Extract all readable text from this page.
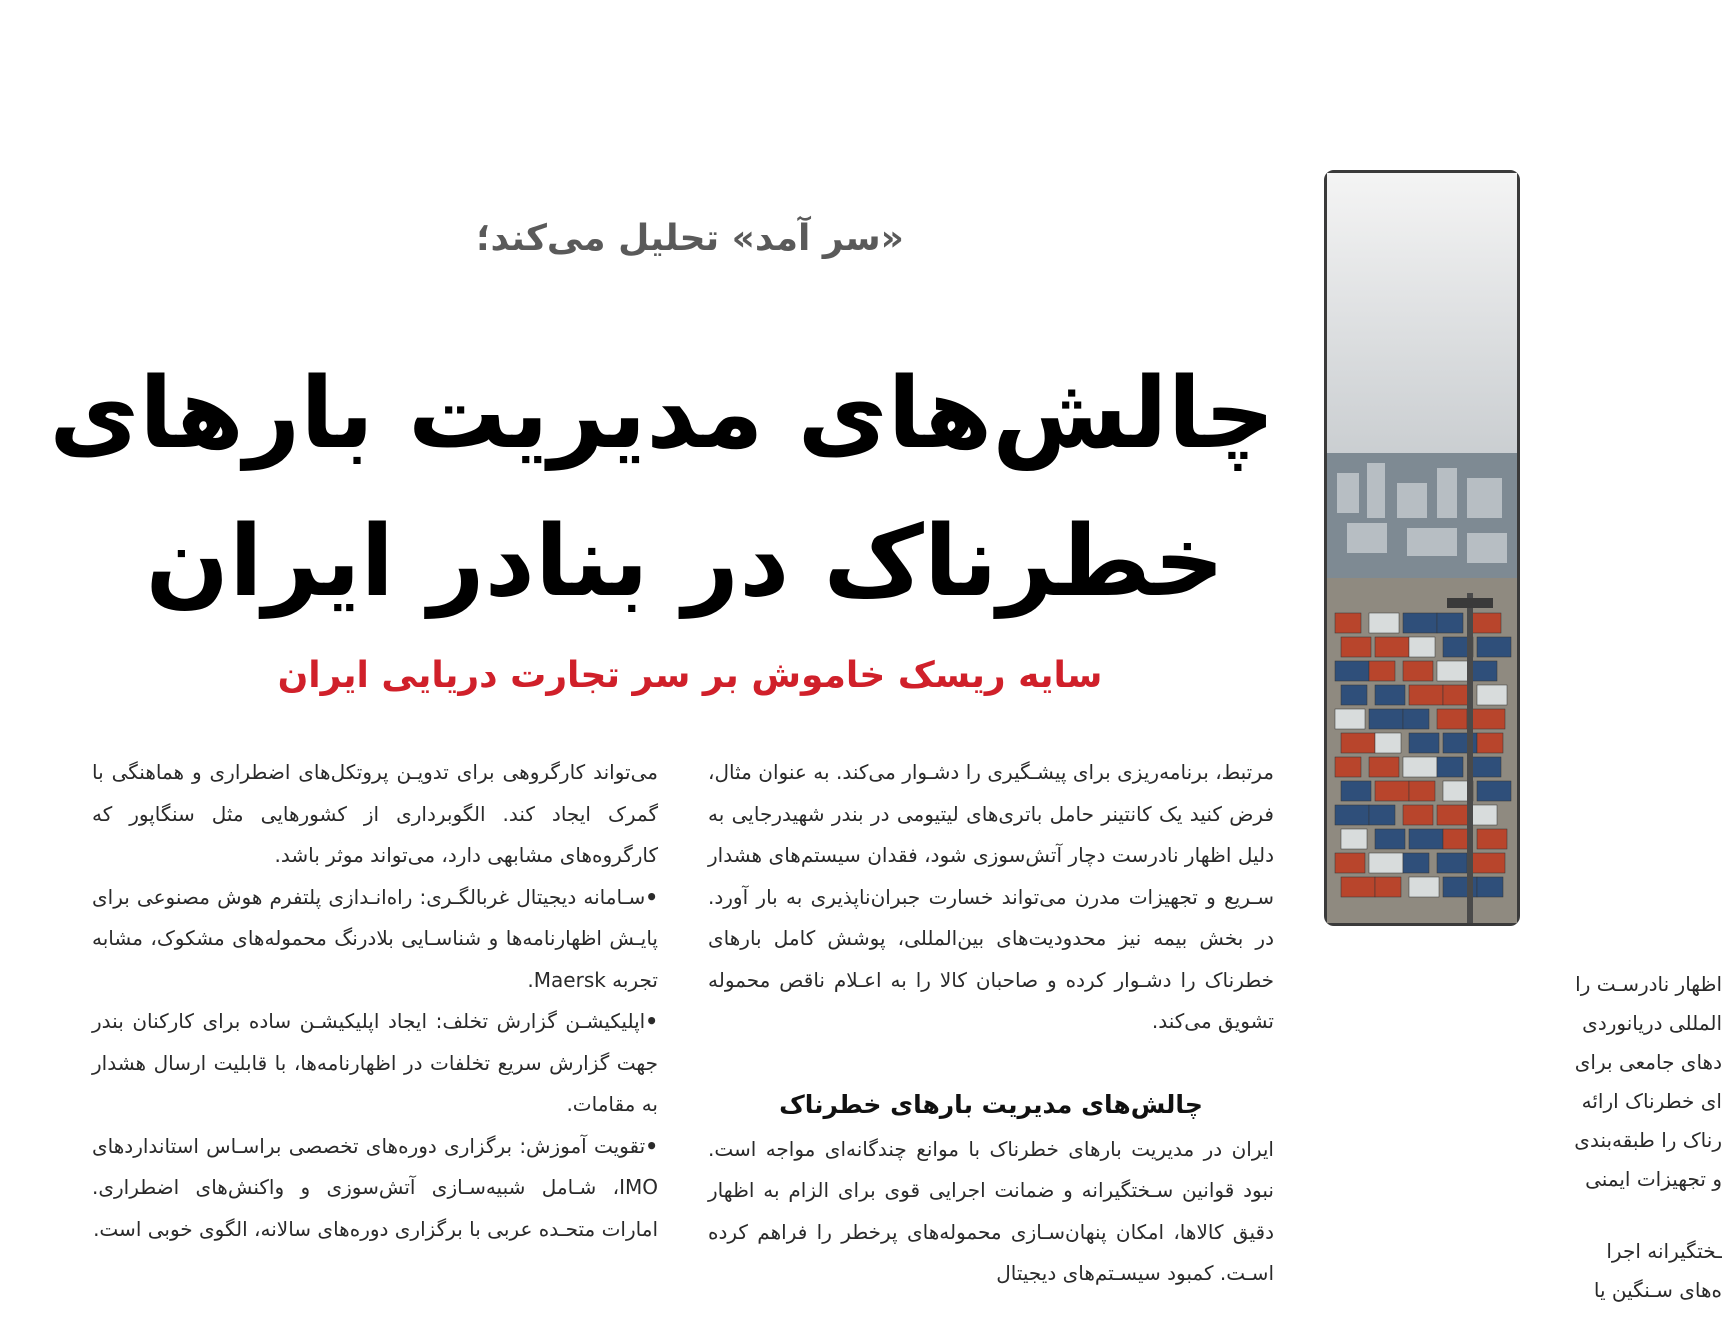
«سر آمد» تحلیل می‌کند؛
چالش‌های مدیریت بارهای
خطرناک در بنادر ایران
سایه ریسک خاموش بر سر تجارت دریایی ایران

مرتبط، برنامه‌ریزی برای پیشـگیری را دشـوار می‌کند. به عنوان مثال، فرض کنید یک کانتینر حامل باتری‌های لیتیومی در بندر شهیدرجایی به دلیل اظهار نادرست دچار آتش‌سوزی شود، فقدان سیستم‌های هشدار سـریع و تجهیزات مدرن می‌تواند خسارت جبران‌ناپذیری به بار آورد. در بخش بیمه نیز محدودیت‌های بین‌المللی، پوشش کامل بارهای خطرناک را دشـوار کرده و صاحبان کالا را به اعـلام ناقص محموله تشویق می‌کند.

چالش‌های مدیریت بارهای خطرناک

ایران در مدیریت بارهای خطرناک با موانع چندگانه‌ای مواجه است. نبود قوانین سـختگیرانه و ضمانت اجرایی قوی برای الزام به اظهار دقیق کالاها، امکان پنهان‌سـازی محموله‌های پرخطر را فراهم کرده اسـت. کمبود سیسـتم‌های دیجیتال

می‌تواند کارگروهی برای تدویـن پروتکل‌های اضطراری و هماهنگی با گمرک ایجاد کند. الگوبرداری از کشورهایی مثل سنگاپور که کارگروه‌های مشابهی دارد، می‌تواند موثر باشد.

•سـامانه دیجیتال غربالگـری: راه‌انـدازی پلتفرم هوش مصنوعی برای پایـش اظهارنامه‌ها و شناسـایی بلادرنگ محموله‌های مشکوک، مشابه تجربه Maersk.

•اپلیکیشـن گزارش تخلف: ایجاد اپلیکیشـن ساده برای کارکنان بندر جهت گزارش سریع تخلفات در اظهارنامه‌ها، با قابلیت ارسال هشدار به مقامات.

•تقویت آموزش: برگزاری دوره‌های تخصصی براسـاس استانداردهای IMO، شـامل شبیه‌سـازی آتش‌سوزی و واکنش‌های اضطراری. امارات متحـده عربی با برگزاری دوره‌های سالانه، الگوی خوبی است.

اظهار نادرسـت را

المللی دریانوردی

دهای جامعی برای

ای خطرناک ارائه

رناک را طبقه‌بندی

و تجهیزات ایمنی

ـختگیرانه اجرا

ه‌های سـنگین یا
